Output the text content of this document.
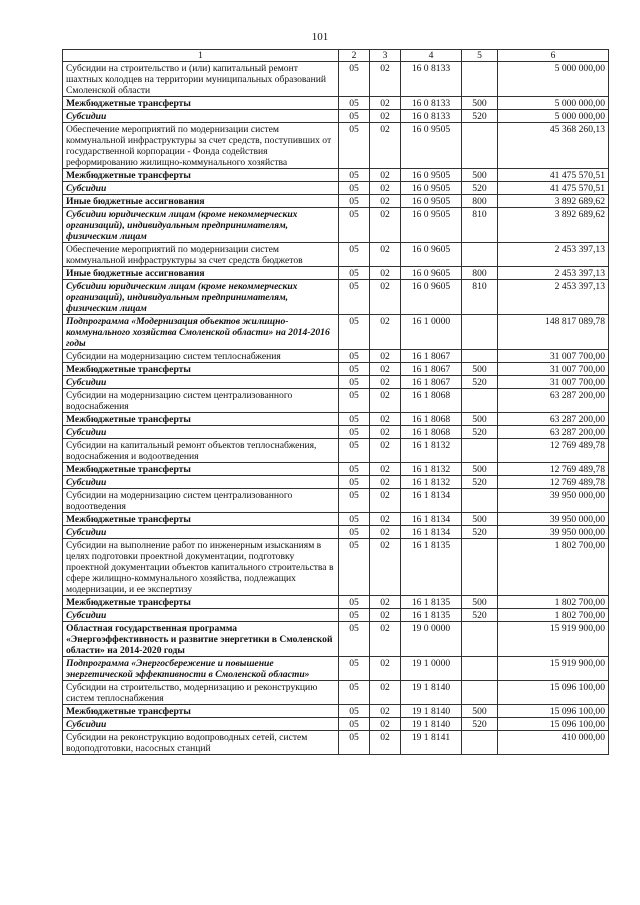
101
1	2	3	4	5	6
Субсидии на строительство и (или) капитальный ремонт шахтных колодцев на территории муниципальных образований Смоленской области	05	02	16 0 8133		5 000 000,00
Межбюджетные трансферты	05	02	16 0 8133	500	5 000 000,00
Субсидии	05	02	16 0 8133	520	5 000 000,00
Обеспечение мероприятий по модернизации систем коммунальной инфраструктуры за счет средств, поступивших от государственной корпорации - Фонда содействия реформированию жилищно-коммунального хозяйства	05	02	16 0 9505		45 368 260,13
Межбюджетные трансферты	05	02	16 0 9505	500	41 475 570,51
Субсидии	05	02	16 0 9505	520	41 475 570,51
Иные бюджетные ассигнования	05	02	16 0 9505	800	3 892 689,62
Субсидии юридическим лицам (кроме некоммерческих организаций), индивидуальным предпринимателям, физическим лицам	05	02	16 0 9505	810	3 892 689,62
Обеспечение мероприятий по модернизации систем коммунальной инфраструктуры за счет средств бюджетов	05	02	16 0 9605		2 453 397,13
Иные бюджетные ассигнования	05	02	16 0 9605	800	2 453 397,13
Субсидии юридическим лицам (кроме некоммерческих организаций), индивидуальным предпринимателям, физическим лицам	05	02	16 0 9605	810	2 453 397,13
Подпрограмма «Модернизация объектов жилищно-коммунального хозяйства Смоленской области» на 2014-2016 годы	05	02	16 1 0000		148 817 089,78
Субсидии на модернизацию систем теплоснабжения	05	02	16 1 8067		31 007 700,00
Межбюджетные трансферты	05	02	16 1 8067	500	31 007 700,00
Субсидии	05	02	16 1 8067	520	31 007 700,00
Субсидии на модернизацию систем централизованного водоснабжения	05	02	16 1 8068		63 287 200,00
Межбюджетные трансферты	05	02	16 1 8068	500	63 287 200,00
Субсидии	05	02	16 1 8068	520	63 287 200,00
Субсидии на капитальный ремонт объектов теплоснабжения, водоснабжения и водоотведения	05	02	16 1 8132		12 769 489,78
Межбюджетные трансферты	05	02	16 1 8132	500	12 769 489,78
Субсидии	05	02	16 1 8132	520	12 769 489,78
Субсидии на модернизацию систем централизованного водоотведения	05	02	16 1 8134		39 950 000,00
Межбюджетные трансферты	05	02	16 1 8134	500	39 950 000,00
Субсидии	05	02	16 1 8134	520	39 950 000,00
Субсидии на выполнение работ по инженерным изысканиям в целях подготовки проектной документации, подготовку проектной документации объектов капитального строительства в сфере жилищно-коммунального хозяйства, подлежащих модернизации, и ее экспертизу	05	02	16 1 8135		1 802 700,00
Межбюджетные трансферты	05	02	16 1 8135	500	1 802 700,00
Субсидии	05	02	16 1 8135	520	1 802 700,00
Областная государственная программа «Энергоэффективность и развитие энергетики в Смоленской области» на 2014-2020 годы	05	02	19 0 0000		15 919 900,00
Подпрограмма «Энергосбережение и повышение энергетической эффективности в Смоленской области»	05	02	19 1 0000		15 919 900,00
Субсидии на строительство, модернизацию и реконструкцию систем теплоснабжения	05	02	19 1 8140		15 096 100,00
Межбюджетные трансферты	05	02	19 1 8140	500	15 096 100,00
Субсидии	05	02	19 1 8140	520	15 096 100,00
Субсидии на реконструкцию водопроводных сетей, систем водоподготовки, насосных станций	05	02	19 1 8141		410 000,00
